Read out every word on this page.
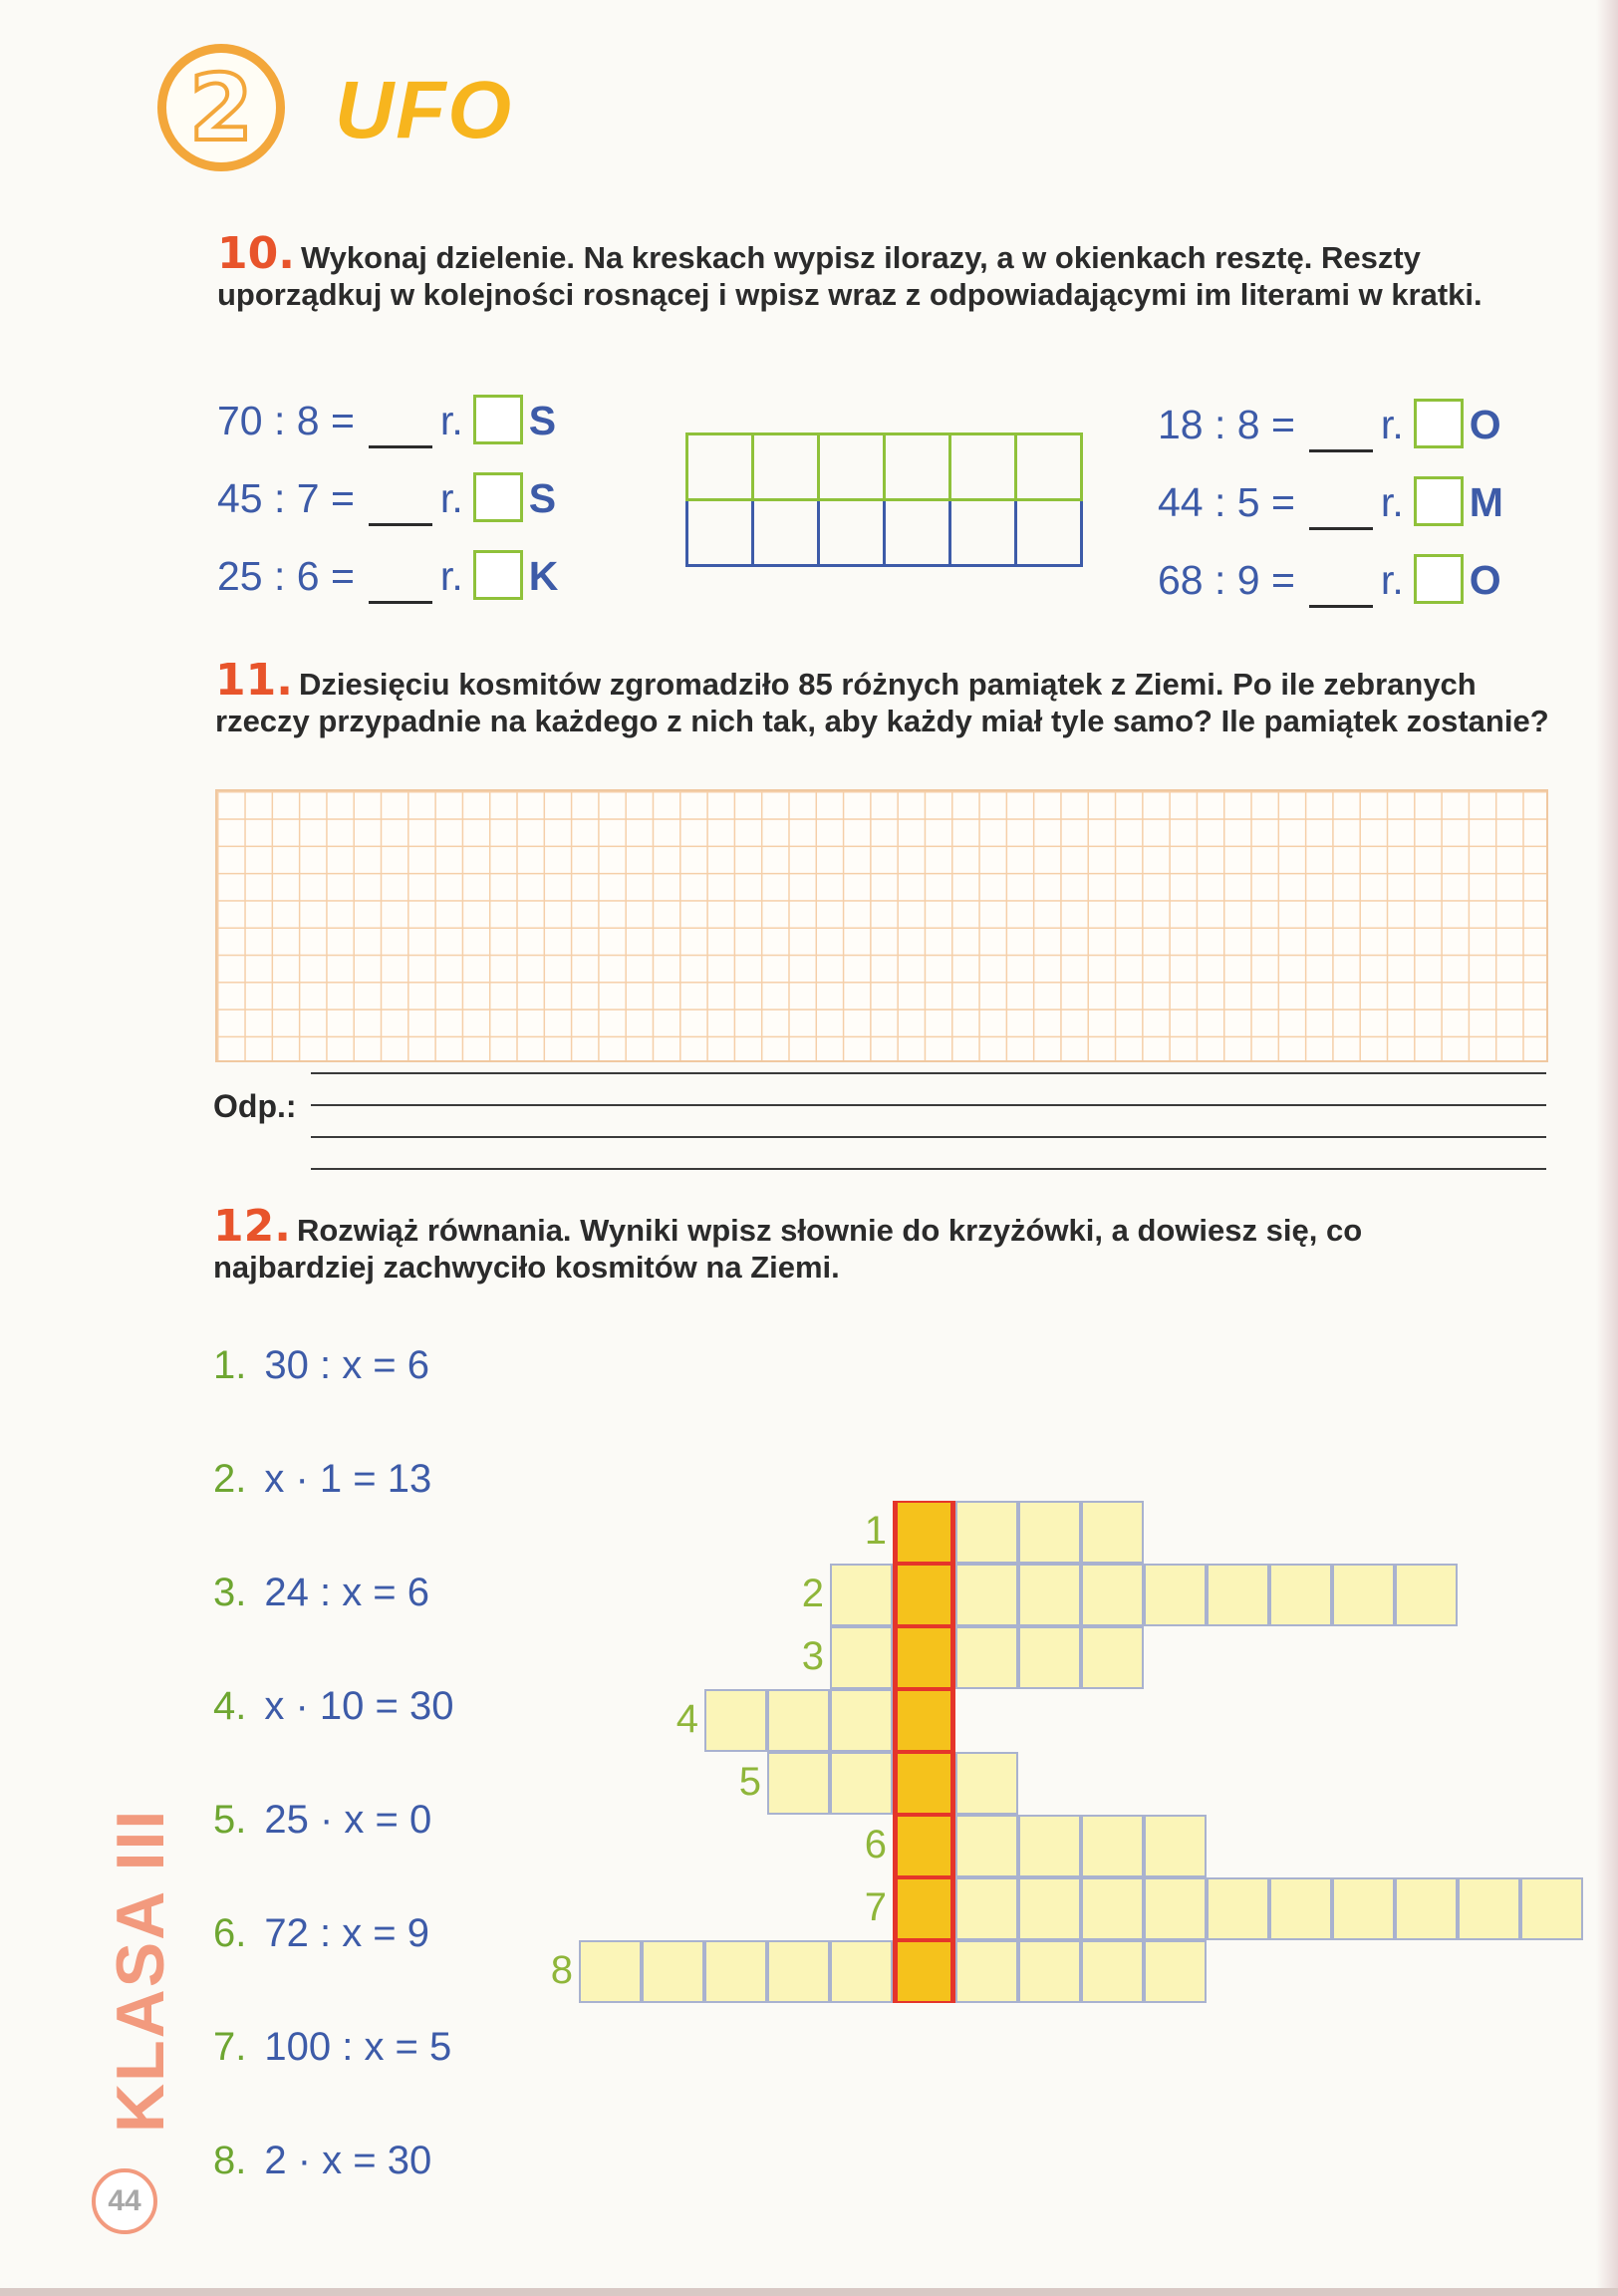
2 UFO
10. Wykonaj dzielenie. Na kreskach wypisz ilorazy, a w okienkach resztę. Reszty uporządkuj w kolejności rosnącej i wpisz wraz z odpowiadającymi im literami w kratki.
70 : 8 = r. S
45 : 7 = r. S
25 : 6 = r. K

18 : 8 = r. O
44 : 5 = r. M
68 : 9 = r. O
11. Dziesięciu kosmitów zgromadziło 85 różnych pamiątek z Ziemi. Po ile zebranych rzeczy przypadnie na każdego z nich tak, aby każdy miał tyle samo? Ile pamiątek zostanie?
Odp.:
12. Rozwiąż równania. Wyniki wpisz słownie do krzyżówki, a dowiesz się, co najbardziej zachwyciło kosmitów na Ziemi.
1. 30 : x = 6
2. x · 1 = 13
3. 24 : x = 6
4. x · 10 = 30
5. 25 · x = 0
6. 72 : x = 9
7. 100 : x = 5
8. 2 · x = 30
1
2
3
4
5
6
7
8
KLASA III
44
